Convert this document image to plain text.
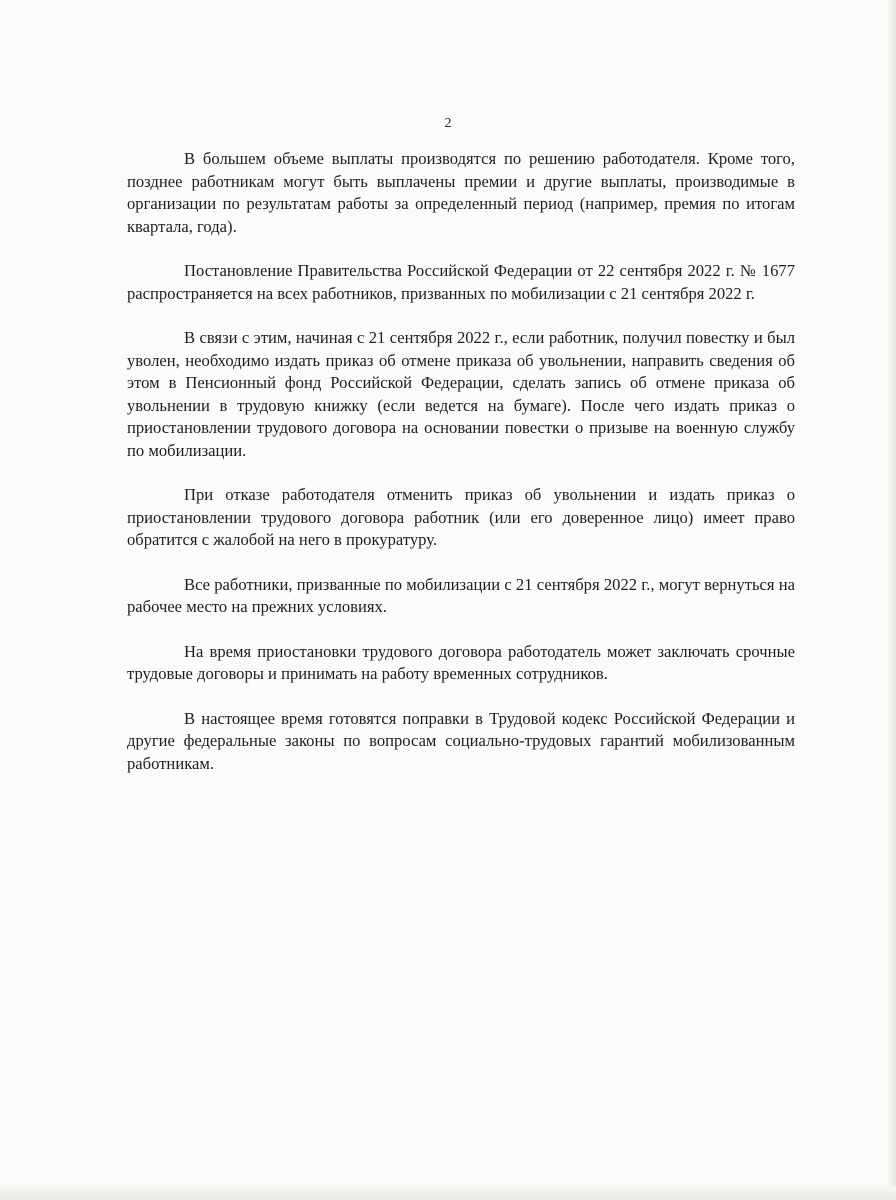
2

В большем объеме выплаты производятся по решению работодателя. Кроме того, позднее работникам могут быть выплачены премии и другие выплаты, производимые в организации по результатам работы за определенный период (например, премия по итогам квартала, года).

Постановление Правительства Российской Федерации от 22 сентября 2022 г. № 1677 распространяется на всех работников, призванных по мобилизации с 21 сентября 2022 г.

В связи с этим, начиная с 21 сентября 2022 г., если работник, получил повестку и был уволен, необходимо издать приказ об отмене приказа об увольнении, направить сведения об этом в Пенсионный фонд Российской Федерации, сделать запись об отмене приказа об увольнении в трудовую книжку (если ведется на бумаге). После чего издать приказ о приостановлении трудового договора на основании повестки о призыве на военную службу по мобилизации.

При отказе работодателя отменить приказ об увольнении и издать приказ о приостановлении трудового договора работник (или его доверенное лицо) имеет право обратится с жалобой на него в прокуратуру.

Все работники, призванные по мобилизации с 21 сентября 2022 г., могут вернуться на рабочее место на прежних условиях.

На время приостановки трудового договора работодатель может заключать срочные трудовые договоры и принимать на работу временных сотрудников.

В настоящее время готовятся поправки в Трудовой кодекс Российской Федерации и другие федеральные законы по вопросам социально-трудовых гарантий мобилизованным работникам.
